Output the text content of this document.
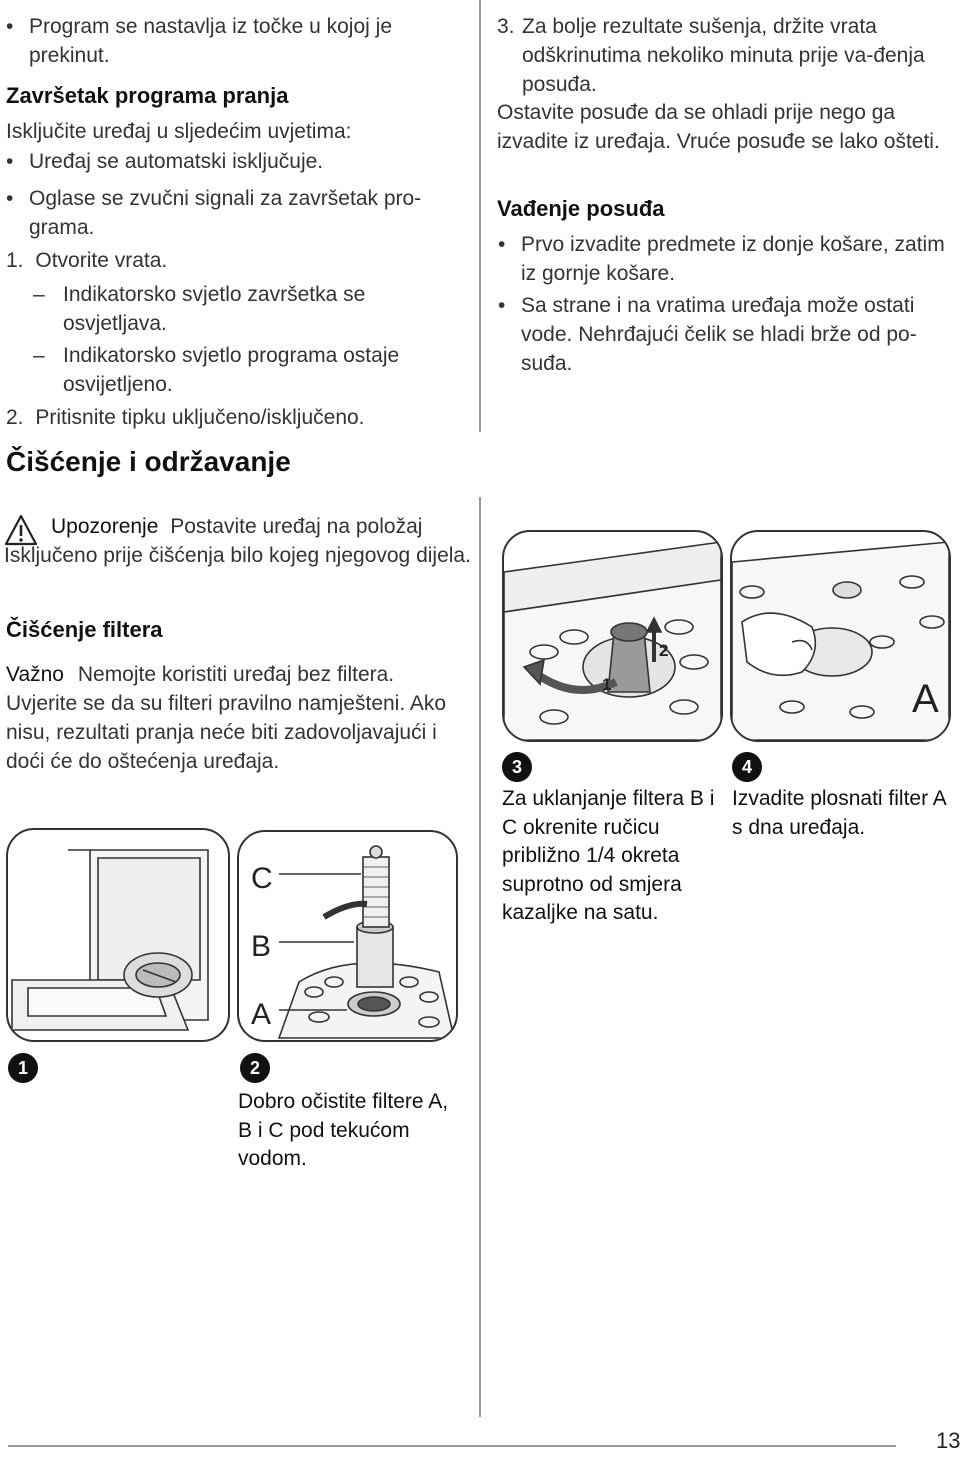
• Program se nastavlja iz točke u kojoj je prekinut.
Završetak programa pranja
Isključite uređaj u sljedećim uvjetima:
• Uređaj se automatski isključuje.
• Oglase se zvučni signali za završetak pro-grama.
1. Otvorite vrata.
– Indikatorsko svjetlo završetka se osvjetljava.
– Indikatorsko svjetlo programa ostaje osvijetljeno.
2. Pritisnite tipku uključeno/isključeno.
Čišćenje i održavanje
3. Za bolje rezultate sušenja, držite vrata odškrinutima nekoliko minuta prije va-đenja posuđa.
Ostavite posuđe da se ohladi prije nego ga izvadite iz uređaja. Vruće posuđe se lako ošteti.
Vađenje posuđa
• Prvo izvadite predmete iz donje košare, zatim iz gornje košare.
• Sa strane i na vratima uređaja može ostati vode. Nehrđajući čelik se hladi brže od po-suđa.
Upozorenje Postavite uređaj na položaj Isključeno prije čišćenja bilo kojeg njegovog dijela.
Čišćenje filtera
Važno Nemojte koristiti uređaj bez filtera. Uvjerite se da su filteri pravilno namješteni. Ako nisu, rezultati pranja neće biti zadovoljavajući i doći će do oštećenja uređaja.
1
C
B
A
2
Dobro očistite filtere A, B i C pod tekućom vodom.
1
2
3
Za uklanjanje filtera B i C okrenite ručicu približno 1/4 okreta suprotno od smjera kazaljke na satu.
A
4
Izvadite plosnati filter A s dna uređaja.
13
